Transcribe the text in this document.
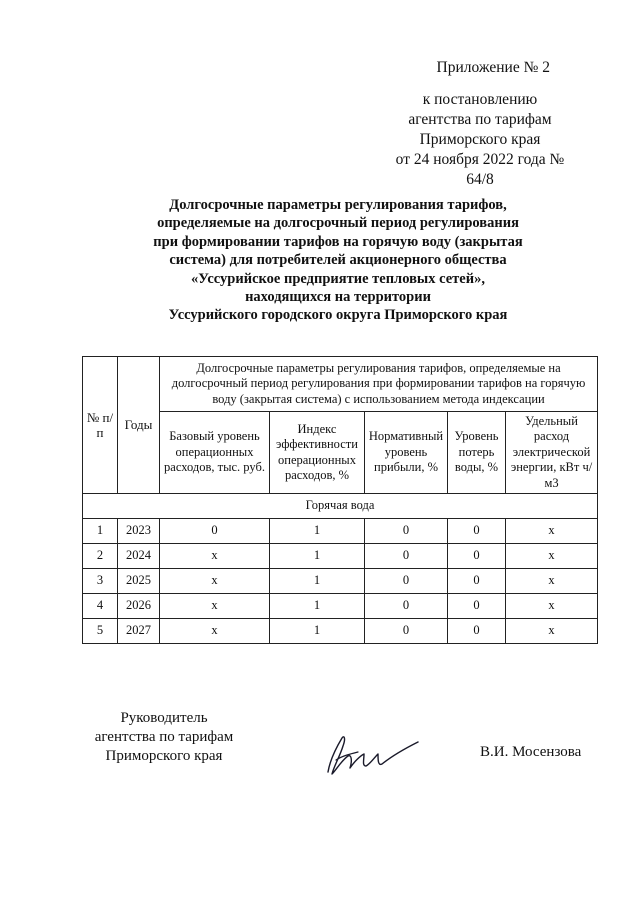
Приложение № 2
к постановлению
агентства по тарифам
Приморского края
от 24 ноября 2022 года № 64/8
Долгосрочные параметры регулирования тарифов,
определяемые на долгосрочный период регулирования
при формировании тарифов на горячую воду (закрытая
система) для потребителей акционерного общества
«Уссурийское предприятие тепловых сетей»,
находящихся на территории
Уссурийского городского округа Приморского края
№ п/п	Годы	Долгосрочные параметры регулирования тарифов, определяемые на долгосрочный период регулирования при формировании тарифов на горячую воду (закрытая система) с использованием метода индексации				
		Базовый уровень операционных расходов, тыс. руб.	Индекс эффективности операционных расходов, %	Нормативный уровень прибыли, %	Уровень потерь воды, %	Удельный расход электрической энергии, кВт ч/м3
Горячая вода						
1	2023	0	1	0	0	x
2	2024	x	1	0	0	x
3	2025	x	1	0	0	x
4	2026	x	1	0	0	x
5	2027	x	1	0	0	x
Руководитель
агентства по тарифам
Приморского края	В.И. Мосензова
